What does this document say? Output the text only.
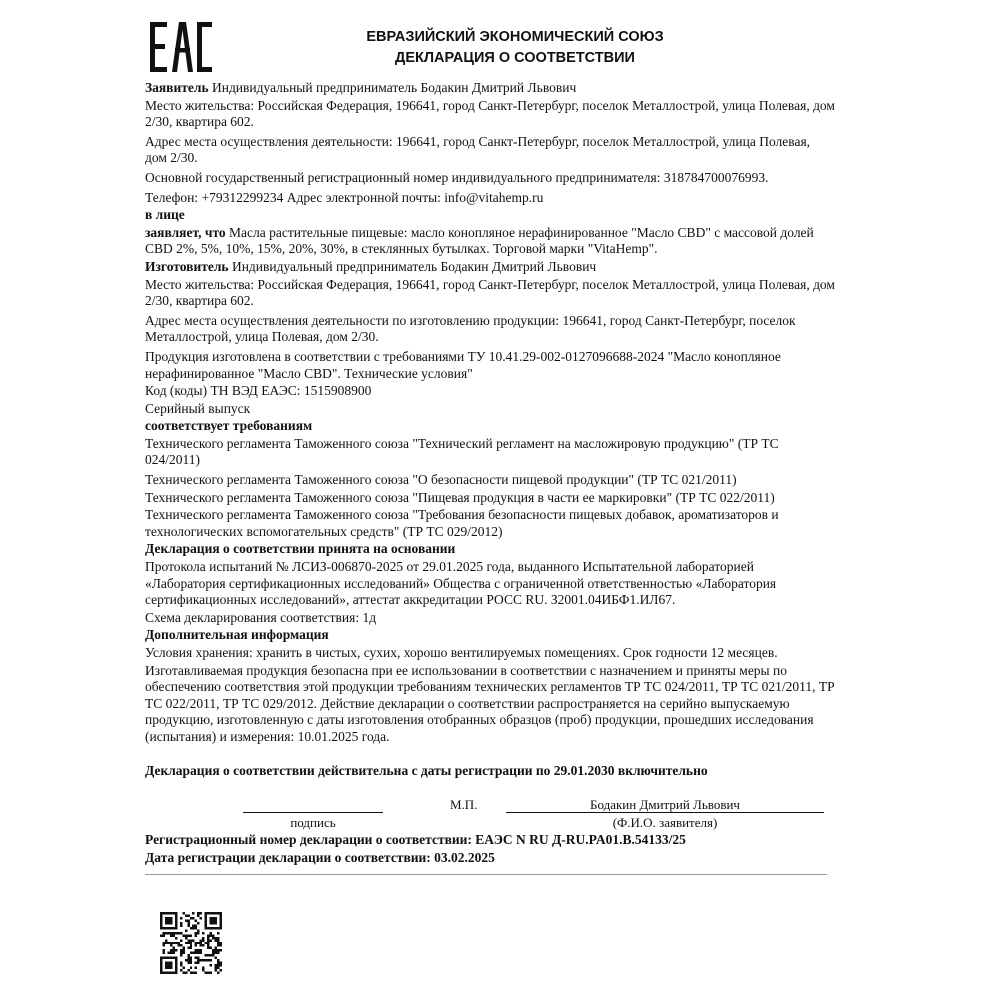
ЕВРАЗИЙСКИЙ ЭКОНОМИЧЕСКИЙ СОЮЗ
ДЕКЛАРАЦИЯ О СООТВЕТСТВИИ

Заявитель Индивидуальный предприниматель Бодакин Дмитрий Львович

Место жительства: Российская Федерация, 196641, город Санкт-Петербург, поселок Металлострой, улица Полевая, дом 2/30, квартира 602.

Адрес места осуществления деятельности: 196641, город Санкт-Петербург, поселок Металлострой, улица Полевая, дом 2/30.

Основной государственный регистрационный номер индивидуального предпринимателя: 318784700076993.

Телефон: +79312299234 Адрес электронной почты: info@vitahemp.ru

в лице

заявляет, что Масла растительные пищевые: масло конопляное нерафинированное "Масло CBD" с массовой долей CBD 2%, 5%, 10%, 15%, 20%, 30%, в стеклянных бутылках. Торговой марки "VitaHemp".

Изготовитель Индивидуальный предприниматель Бодакин Дмитрий Львович

Место жительства: Российская Федерация, 196641, город Санкт-Петербург, поселок Металлострой, улица Полевая, дом 2/30, квартира 602.

Адрес места осуществления деятельности по изготовлению продукции: 196641, город Санкт-Петербург, поселок Металлострой, улица Полевая, дом 2/30.

Продукция изготовлена в соответствии с требованиями ТУ 10.41.29-002-0127096688-2024 "Масло конопляное нерафинированное "Масло CBD". Технические условия"

Код (коды) ТН ВЭД ЕАЭС: 1515908900

Серийный выпуск

соответствует требованиям

Технического регламента Таможенного союза "Технический регламент на масложировую продукцию" (ТР ТС 024/2011)

Технического регламента Таможенного союза "О безопасности пищевой продукции" (ТР ТС 021/2011)

Технического регламента Таможенного союза "Пищевая продукция в части ее маркировки" (ТР ТС 022/2011)

Технического регламента Таможенного союза "Требования безопасности пищевых добавок, ароматизаторов и технологических вспомогательных средств" (ТР ТС 029/2012)

Декларация о соответствии принята на основании

Протокола испытаний № ЛСИЗ-006870-2025 от 29.01.2025 года, выданного Испытательной лабораторией «Лаборатория сертификационных исследований» Общества с ограниченной ответственностью «Лаборатория сертификационных исследований», аттестат аккредитации РОСС RU. З2001.04ИБФ1.ИЛ67.

Схема декларирования соответствия: 1д

Дополнительная информация

Условия хранения: хранить в чистых, сухих, хорошо вентилируемых помещениях. Срок годности 12 месяцев.

Изготавливаемая продукция безопасна при ее использовании в соответствии с назначением и приняты меры по обеспечению соответствия этой продукции требованиям технических регламентов ТР ТС 024/2011, ТР ТС 021/2011, ТР ТС 022/2011, ТР ТС 029/2012. Действие декларации о соответствии распространяется на серийно выпускаемую продукцию, изготовленную с даты изготовления отобранных образцов (проб) продукции, прошедших исследования (испытания) и измерения: 10.01.2025 года.

Декларация о соответствии действительна с даты регистрации по 29.01.2030 включительно
М.П.	Бодакин Дмитрий Львович
подпись	(Ф.И.О. заявителя)
Регистрационный номер декларации о соответствии: ЕАЭС N RU Д-RU.PA01.B.54133/25
Дата регистрации декларации о соответствии: 03.02.2025
